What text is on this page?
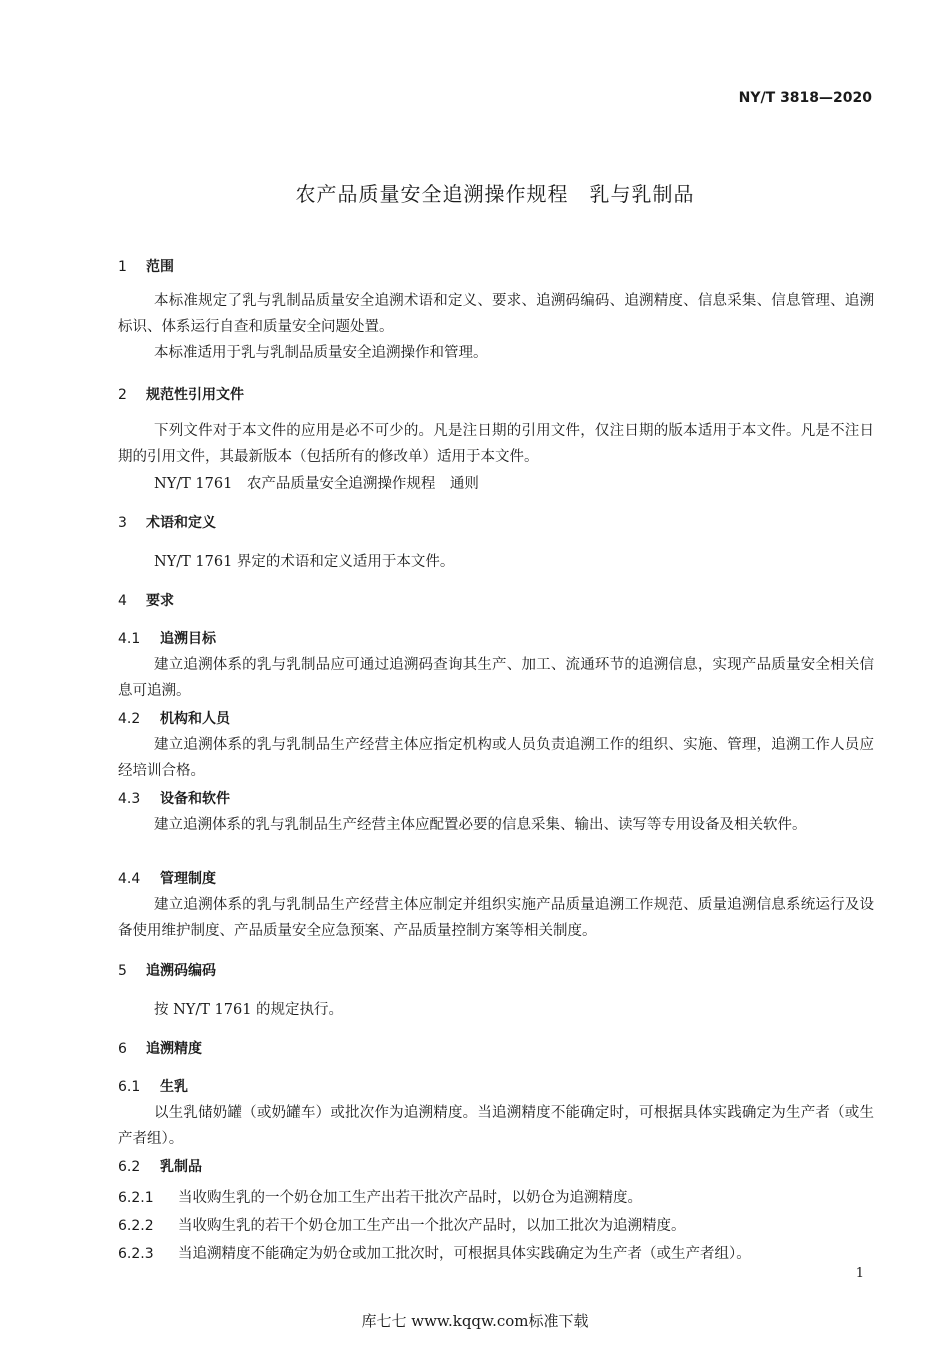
NY/T 3818—2020
农产品质量安全追溯操作规程　乳与乳制品
1 范围
本标准规定了乳与乳制品质量安全追溯术语和定义、要求、追溯码编码、追溯精度、信息采集、信息管理、追溯标识、体系运行自查和质量安全问题处置。
本标准适用于乳与乳制品质量安全追溯操作和管理。
2 规范性引用文件
下列文件对于本文件的应用是必不可少的。凡是注日期的引用文件，仅注日期的版本适用于本文件。凡是不注日期的引用文件，其最新版本（包括所有的修改单）适用于本文件。
NY/T 1761　农产品质量安全追溯操作规程　通则
3 术语和定义
NY/T 1761 界定的术语和定义适用于本文件。
4 要求
4.1 追溯目标
建立追溯体系的乳与乳制品应可通过追溯码查询其生产、加工、流通环节的追溯信息，实现产品质量安全相关信息可追溯。
4.2 机构和人员
建立追溯体系的乳与乳制品生产经营主体应指定机构或人员负责追溯工作的组织、实施、管理，追溯工作人员应经培训合格。
4.3 设备和软件
建立追溯体系的乳与乳制品生产经营主体应配置必要的信息采集、输出、读写等专用设备及相关软件。
4.4 管理制度
建立追溯体系的乳与乳制品生产经营主体应制定并组织实施产品质量追溯工作规范、质量追溯信息系统运行及设备使用维护制度、产品质量安全应急预案、产品质量控制方案等相关制度。
5 追溯码编码
按 NY/T 1761 的规定执行。
6 追溯精度
6.1 生乳
以生乳储奶罐（或奶罐车）或批次作为追溯精度。当追溯精度不能确定时，可根据具体实践确定为生产者（或生产者组）。
6.2 乳制品
6.2.1 当收购生乳的一个奶仓加工生产出若干批次产品时，以奶仓为追溯精度。
6.2.2 当收购生乳的若干个奶仓加工生产出一个批次产品时，以加工批次为追溯精度。
6.2.3 当追溯精度不能确定为奶仓或加工批次时，可根据具体实践确定为生产者（或生产者组）。
1
库七七 www.kqqw.com标准下载
